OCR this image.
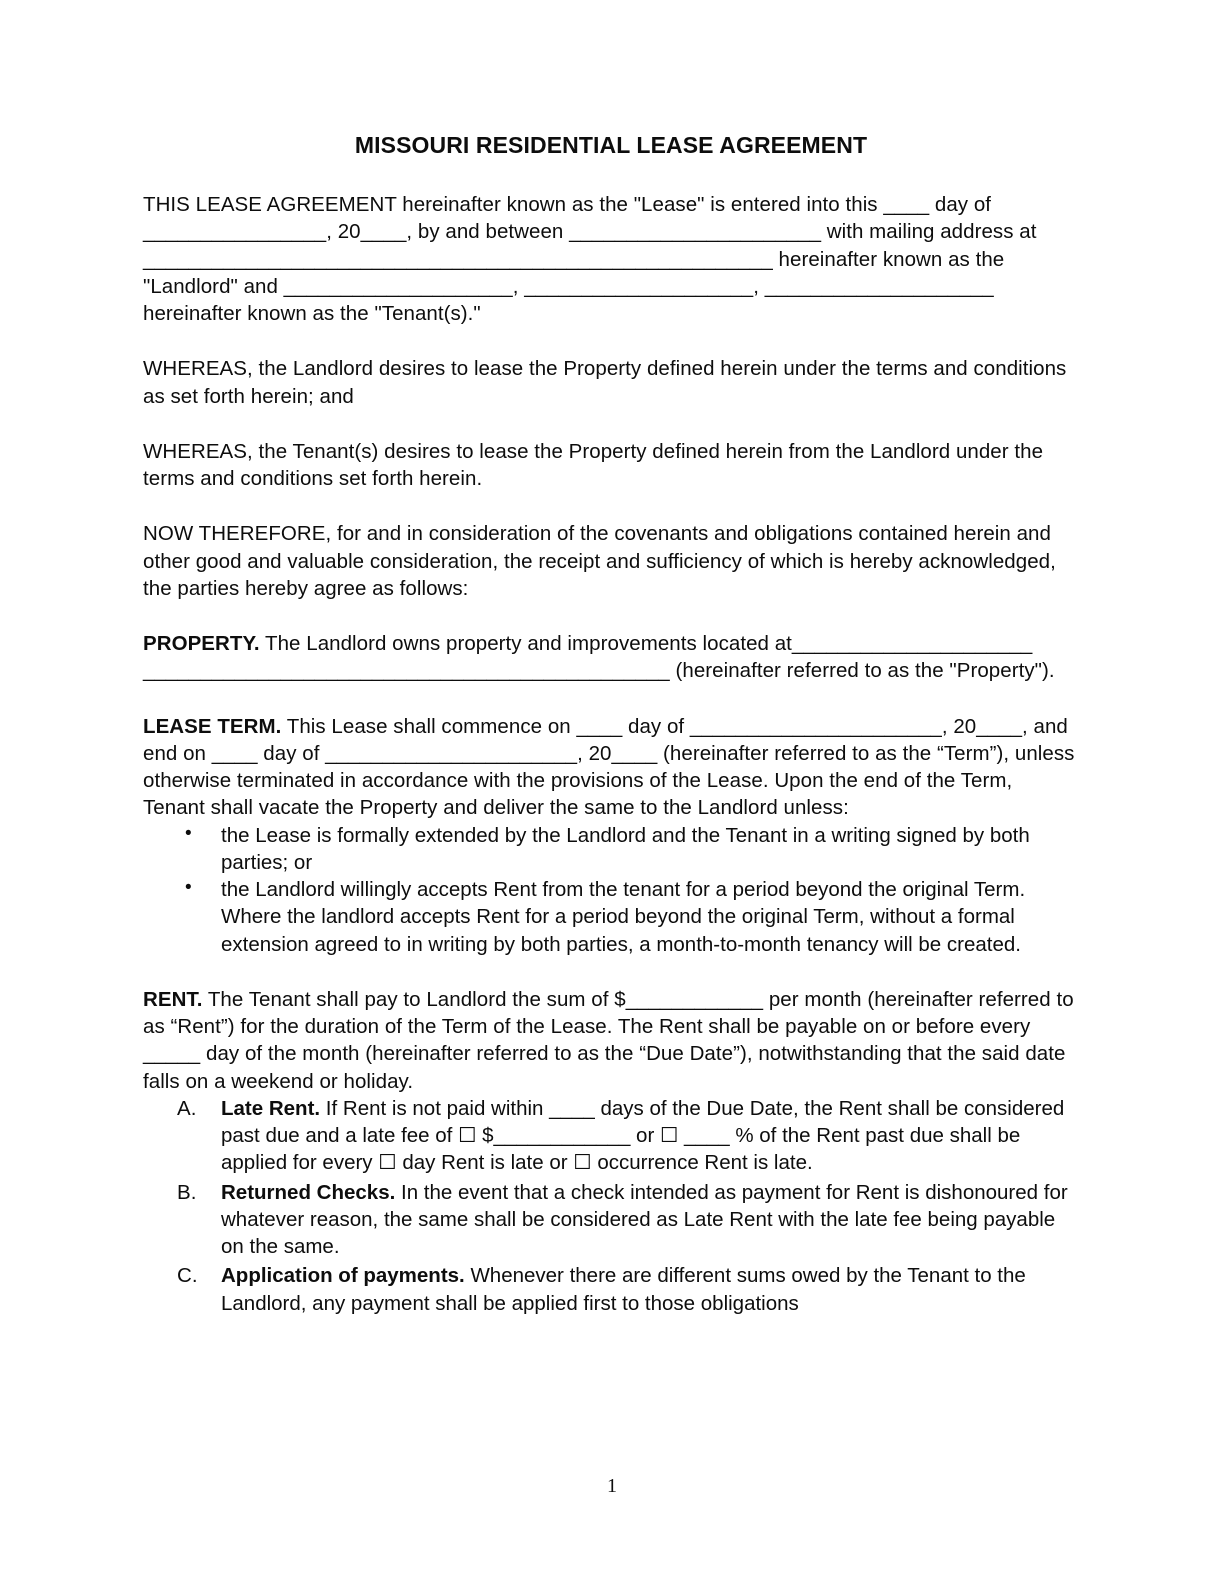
MISSOURI RESIDENTIAL LEASE AGREEMENT

THIS LEASE AGREEMENT hereinafter known as the "Lease" is entered into this ____ day of ________________, 20____, by and between ______________________ with mailing address at _______________________________________________________ hereinafter known as the "Landlord" and ____________________, ____________________, ____________________ hereinafter known as the "Tenant(s)."

WHEREAS, the Landlord desires to lease the Property defined herein under the terms and conditions as set forth herein; and

WHEREAS, the Tenant(s) desires to lease the Property defined herein from the Landlord under the terms and conditions set forth herein.

NOW THEREFORE, for and in consideration of the covenants and obligations contained herein and other good and valuable consideration, the receipt and sufficiency of which is hereby acknowledged, the parties hereby agree as follows:

PROPERTY. The Landlord owns property and improvements located at_____________________ ______________________________________________ (hereinafter referred to as the "Property").

LEASE TERM. This Lease shall commence on ____ day of ______________________, 20____, and end on ____ day of ______________________, 20____ (hereinafter referred to as the “Term”), unless otherwise terminated in accordance with the provisions of the Lease. Upon the end of the Term, Tenant shall vacate the Property and deliver the same to the Landlord unless:

• the Lease is formally extended by the Landlord and the Tenant in a writing signed by both parties; or
• the Landlord willingly accepts Rent from the tenant for a period beyond the original Term. Where the landlord accepts Rent for a period beyond the original Term, without a formal extension agreed to in writing by both parties, a month-to-month tenancy will be created.

RENT. The Tenant shall pay to Landlord the sum of $____________ per month (hereinafter referred to as “Rent”) for the duration of the Term of the Lease. The Rent shall be payable on or before every _____ day of the month (hereinafter referred to as the “Due Date”), notwithstanding that the said date falls on a weekend or holiday.

Late Rent. If Rent is not paid within ____ days of the Due Date, the Rent shall be considered past due and a late fee of ☐ $____________ or ☐ ____ % of the Rent past due shall be applied for every ☐ day Rent is late or ☐ occurrence Rent is late.
Returned Checks. In the event that a check intended as payment for Rent is dishonoured for whatever reason, the same shall be considered as Late Rent with the late fee being payable on the same.
Application of payments. Whenever there are different sums owed by the Tenant to the Landlord, any payment shall be applied first to those obligations
1
